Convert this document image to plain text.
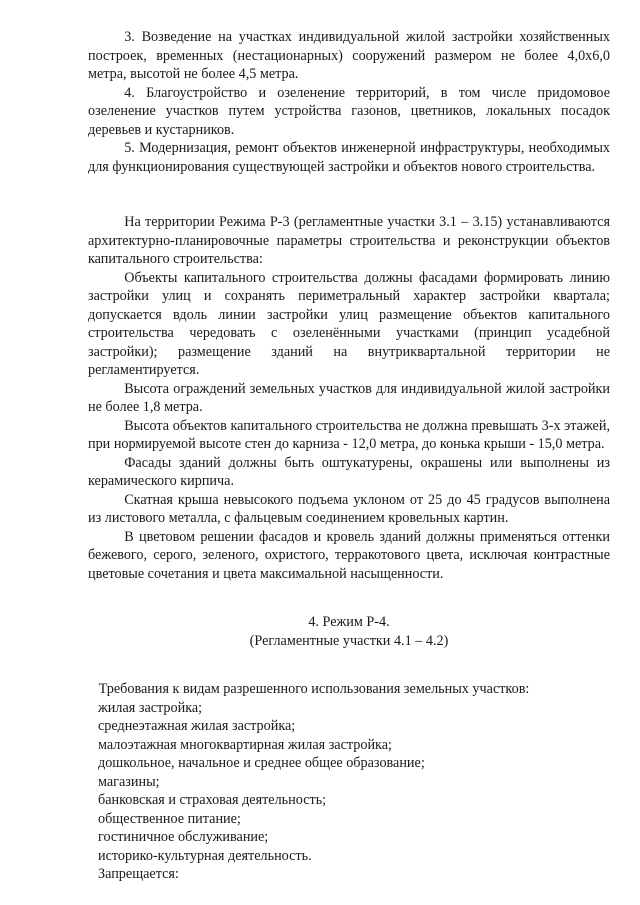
3. Возведение на участках индивидуальной жилой застройки хозяйственных построек, временных (нестационарных) сооружений размером не более 4,0х6,0 метра, высотой не более 4,5 метра.

4. Благоустройство и озеленение территорий, в том числе придомовое озеленение участков путем устройства газонов, цветников, локальных посадок деревьев и кустарников.

5. Модернизация, ремонт объектов инженерной инфраструктуры, необходимых для функционирования существующей застройки и объектов нового строительства.

На территории Режима Р-3 (регламентные участки 3.1 – 3.15) устанавливаются архитектурно-планировочные параметры строительства и реконструкции объектов капитального строительства:

Объекты капитального строительства должны фасадами формировать линию застройки улиц и сохранять периметральный характер застройки квартала; допускается вдоль линии застройки улиц размещение объектов капитального строительства чередовать с озеленёнными участками (принцип усадебной застройки); размещение зданий на внутриквартальной территории не регламентируется.

Высота ограждений земельных участков для индивидуальной жилой застройки не более 1,8 метра.

Высота объектов капитального строительства не должна превышать 3-х этажей, при нормируемой высоте стен до карниза - 12,0 метра, до конька крыши - 15,0 метра.

Фасады зданий должны быть оштукатурены, окрашены или выполнены из керамического кирпича.

Скатная крыша невысокого подъема уклоном от 25 до 45 градусов выполнена из листового металла, с фальцевым соединением кровельных картин.

В цветовом решении фасадов и кровель зданий должны применяться оттенки бежевого, серого, зеленого, охристого, терракотового цвета, исключая контрастные цветовые сочетания и цвета максимальной насыщенности.

4. Режим Р-4.

(Регламентные участки 4.1 – 4.2)

Требования к видам разрешенного использования земельных участков:

жилая застройка;

среднеэтажная жилая застройка;

малоэтажная многоквартирная жилая застройка;

дошкольное, начальное и среднее общее образование;

магазины;

банковская и страховая деятельность;

общественное питание;

гостиничное обслуживание;

историко-культурная деятельность.

Запрещается:
